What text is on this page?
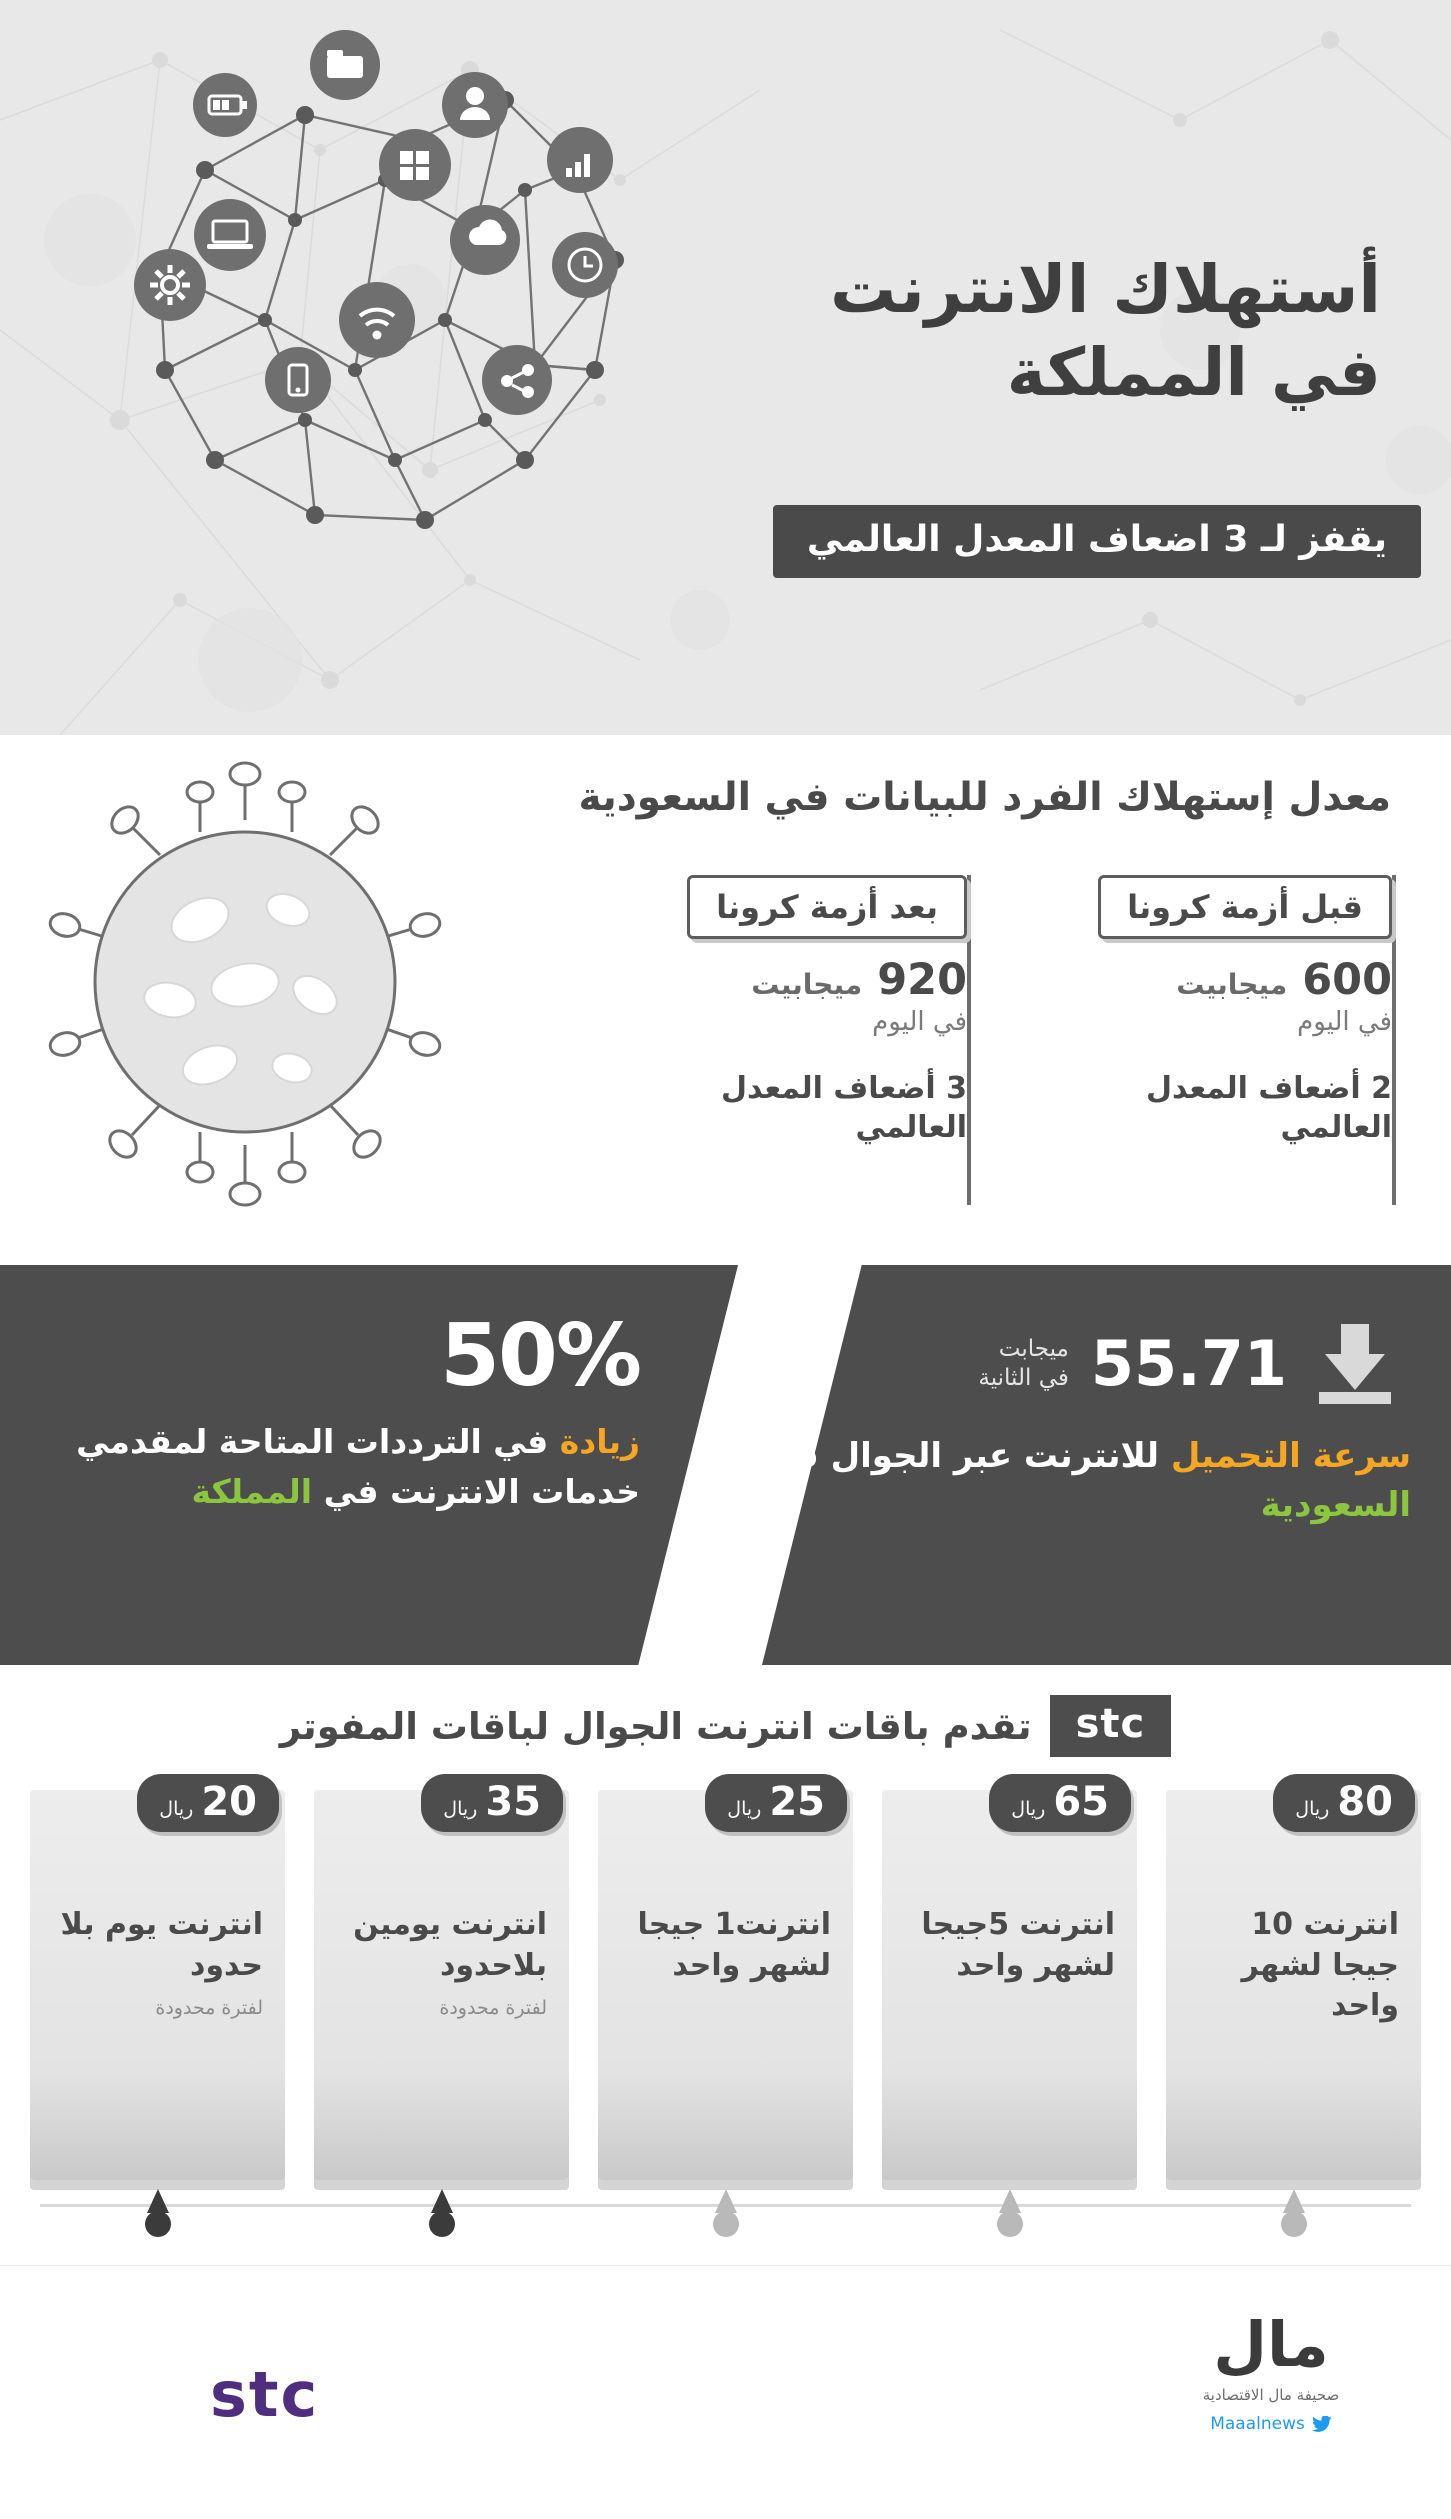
أستهلاك الانترنت
في المملكة
يقفز لـ 3 اضعاف المعدل العالمي
معدل إستهلاك الفرد للبيانات في السعودية
قبل أزمة كرونا
600 ميجابيت
في اليوم
2 أضعاف المعدل العالمي
بعد أزمة كرونا
920 ميجابيت
في اليوم
3 أضعاف المعدل العالمي
55.71
ميجابت
في الثانية
سرعة التحميل للانترنت عبر الجوال في السعودية
50%
زيادة في الترددات المتاحة لمقدمي خدمات الانترنت في المملكة
stc
تقدم باقات انترنت الجوال لباقات المفوتر
80
ريال
انترنت 10 جيجا لشهر واحد
65
ريال
انترنت 5جيجا لشهر واحد
25
ريال
انترنت1 جيجا لشهر واحد
35
ريال
انترنت يومين بلاحدود
لفترة محدودة
20
ريال
انترنت يوم بلا حدود
لفترة محدودة
مال
صحيفة مال الاقتصادية
Maaalnews
stc
